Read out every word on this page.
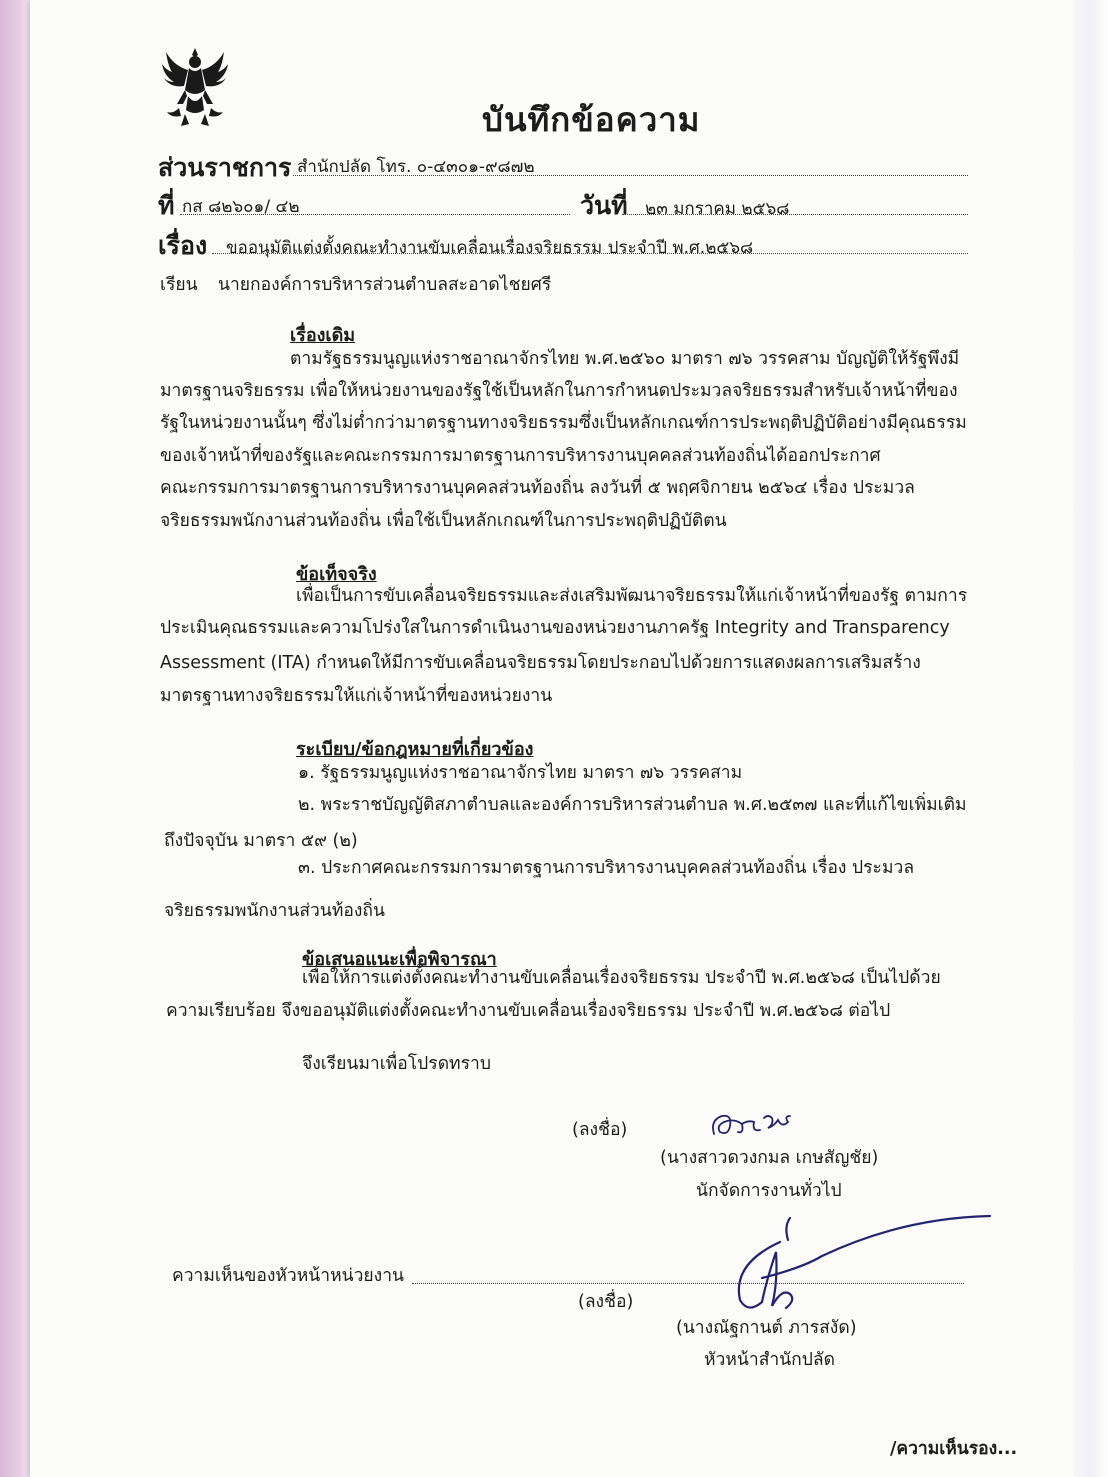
บันทึกข้อความ
ส่วนราชการ สำนักปลัด โทร. ๐-๔๓๐๑-๙๘๗๒
ที่ กส ๘๒๖๐๑/ ๔๒	วันที่ ๒๓ มกราคม ๒๕๖๘
เรื่อง ขออนุมัติแต่งตั้งคณะทำงานขับเคลื่อนเรื่องจริยธรรม ประจำปี พ.ศ.๒๕๖๘
เรียน นายกองค์การบริหารส่วนตำบลสะอาดไชยศรี
เรื่องเดิม
ตามรัฐธรรมนูญแห่งราชอาณาจักรไทย พ.ศ.๒๕๖๐ มาตรา ๗๖ วรรคสาม บัญญัติให้รัฐพึงมี
มาตรฐานจริยธรรม เพื่อให้หน่วยงานของรัฐใช้เป็นหลักในการกำหนดประมวลจริยธรรมสำหรับเจ้าหน้าที่ของ
รัฐในหน่วยงานนั้นๆ ซึ่งไม่ต่ำกว่ามาตรฐานทางจริยธรรมซึ่งเป็นหลักเกณฑ์การประพฤติปฏิบัติอย่างมีคุณธรรม
ของเจ้าหน้าที่ของรัฐและคณะกรรมการมาตรฐานการบริหารงานบุคคลส่วนท้องถิ่นได้ออกประกาศ
คณะกรรมการมาตรฐานการบริหารงานบุคคลส่วนท้องถิ่น ลงวันที่ ๕ พฤศจิกายน ๒๕๖๔ เรื่อง ประมวล
จริยธรรมพนักงานส่วนท้องถิ่น เพื่อใช้เป็นหลักเกณฑ์ในการประพฤติปฏิบัติตน
ข้อเท็จจริง
เพื่อเป็นการขับเคลื่อนจริยธรรมและส่งเสริมพัฒนาจริยธรรมให้แก่เจ้าหน้าที่ของรัฐ ตามการ
ประเมินคุณธรรมและความโปร่งใสในการดำเนินงานของหน่วยงานภาครัฐ Integrity and Transparency
Assessment (ITA) กำหนดให้มีการขับเคลื่อนจริยธรรมโดยประกอบไปด้วยการแสดงผลการเสริมสร้าง
มาตรฐานทางจริยธรรมให้แก่เจ้าหน้าที่ของหน่วยงาน
ระเบียบ/ข้อกฎหมายที่เกี่ยวข้อง
๑. รัฐธรรมนูญแห่งราชอาณาจักรไทย มาตรา ๗๖ วรรคสาม
๒. พระราชบัญญัติสภาตำบลและองค์การบริหารส่วนตำบล พ.ศ.๒๕๓๗ และที่แก้ไขเพิ่มเติม
ถึงปัจจุบัน มาตรา ๕๙ (๒)
๓. ประกาศคณะกรรมการมาตรฐานการบริหารงานบุคคลส่วนท้องถิ่น เรื่อง ประมวล
จริยธรรมพนักงานส่วนท้องถิ่น
ข้อเสนอแนะเพื่อพิจารณา
เพื่อให้การแต่งตั้งคณะทำงานขับเคลื่อนเรื่องจริยธรรม ประจำปี พ.ศ.๒๕๖๘ เป็นไปด้วย
ความเรียบร้อย จึงขออนุมัติแต่งตั้งคณะทำงานขับเคลื่อนเรื่องจริยธรรม ประจำปี พ.ศ.๒๕๖๘ ต่อไป
จึงเรียนมาเพื่อโปรดทราบ
(ลงชื่อ)
(นางสาวดวงกมล เกษสัญชัย)
นักจัดการงานทั่วไป
ความเห็นของหัวหน้าหน่วยงาน
(ลงชื่อ)
(นางณัฐกานต์ ภารสงัด)
หัวหน้าสำนักปลัด
/ความเห็นรอง...
